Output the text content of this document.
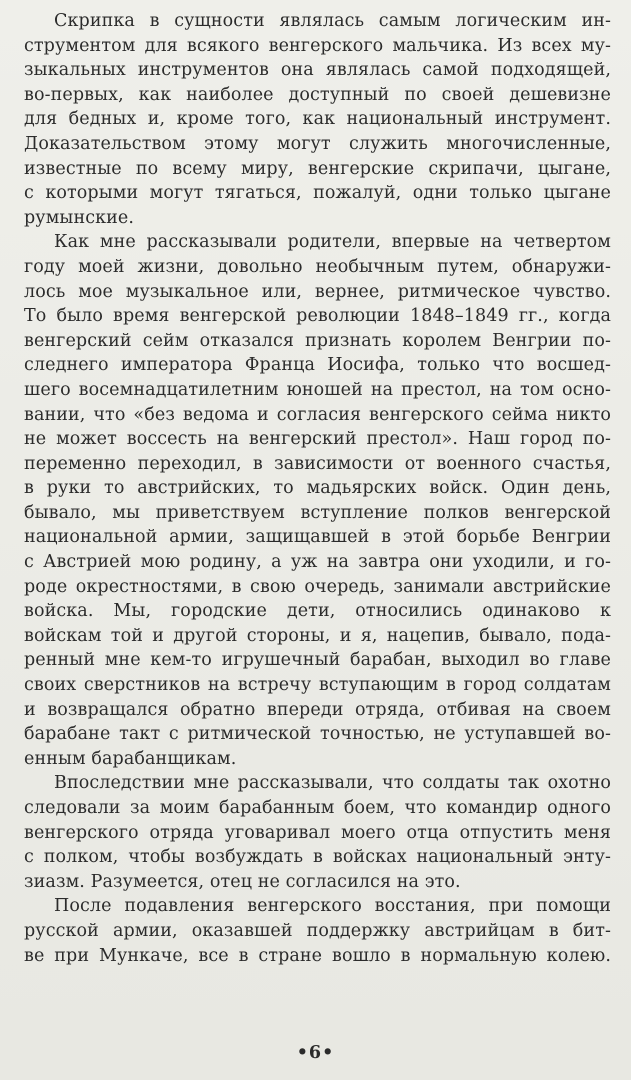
Скрипка в сущности являлась самым логическим ин-
струментом для всякого венгерского мальчика. Из всех му-
зыкальных инструментов она являлась самой подходящей,
во-первых, как наиболее доступный по своей дешевизне
для бедных и, кроме того, как национальный инструмент.
Доказательством этому могут служить многочисленные,
известные по всему миру, венгерские скрипачи, цыгане,
с которыми могут тягаться, пожалуй, одни только цыгане
румынские.
Как мне рассказывали родители, впервые на четвертом
году моей жизни, довольно необычным путем, обнаружи-
лось мое музыкальное или, вернее, ритмическое чувство.
То было время венгерской революции 1848–1849 гг., когда
венгерский сейм отказался признать королем Венгрии по-
следнего императора Франца Иосифа, только что восшед-
шего восемнадцатилетним юношей на престол, на том осно-
вании, что «без ведома и согласия венгерского сейма никто
не может воссесть на венгерский престол». Наш город по-
переменно переходил, в зависимости от военного счастья,
в руки то австрийских, то мадьярских войск. Один день,
бывало, мы приветствуем вступление полков венгерской
национальной армии, защищавшей в этой борьбе Венгрии
с Австрией мою родину, а уж на завтра они уходили, и го-
роде окрестностями, в свою очередь, занимали австрийские
войска. Мы, городские дети, относились одинаково к
войскам той и другой стороны, и я, нацепив, бывало, пода-
ренный мне кем-то игрушечный барабан, выходил во главе
своих сверстников на встречу вступающим в город солдатам
и возвращался обратно впереди отряда, отбивая на своем
барабане такт с ритмической точностью, не уступавшей во-
енным барабанщикам.
Впоследствии мне рассказывали, что солдаты так охотно
следовали за моим барабанным боем, что командир одного
венгерского отряда уговаривал моего отца отпустить меня
с полком, чтобы возбуждать в войсках национальный энту-
зиазм. Разумеется, отец не согласился на это.
После подавления венгерского восстания, при помощи
русской армии, оказавшей поддержку австрийцам в бит-
ве при Мункаче, все в стране вошло в нормальную колею.
•6•
